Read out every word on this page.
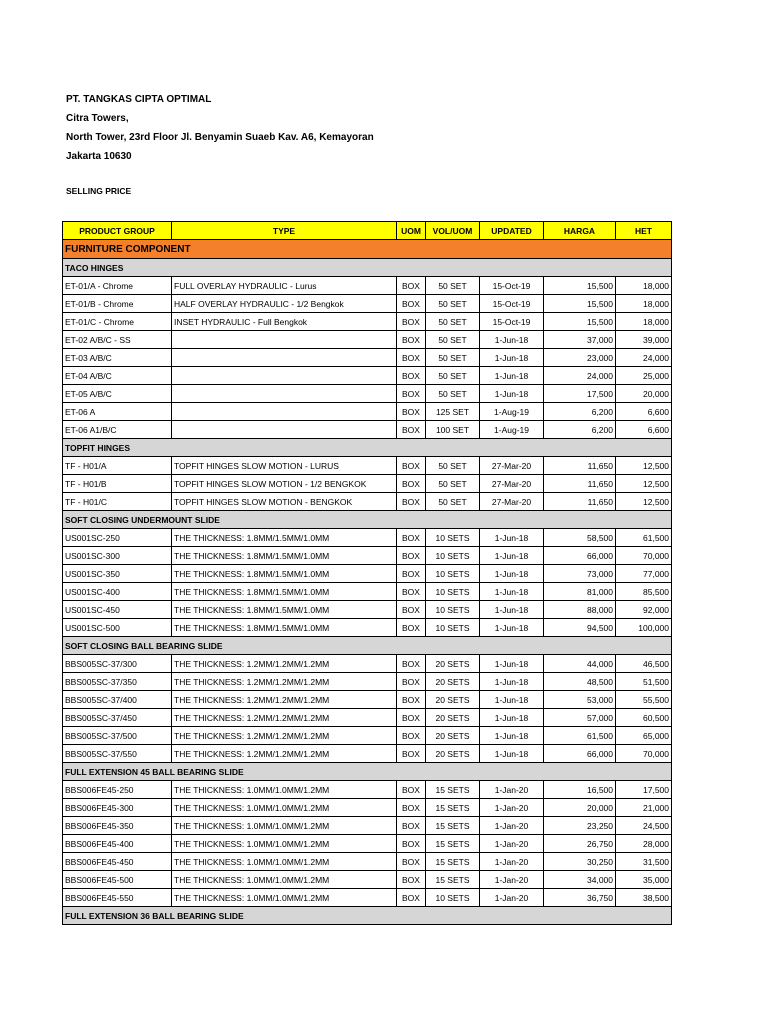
PT. TANGKAS CIPTA OPTIMAL
Citra Towers,
North Tower, 23rd Floor Jl. Benyamin Suaeb Kav. A6, Kemayoran
Jakarta 10630
SELLING PRICE
PRODUCT GROUP	TYPE	UOM	VOL/UOM	UPDATED	HARGA	HET
FURNITURE COMPONENT						
TACO HINGES						
ET-01/A - Chrome	FULL OVERLAY HYDRAULIC - Lurus	BOX	50 SET	15-Oct-19	15,500	18,000
ET-01/B - Chrome	HALF OVERLAY HYDRAULIC - 1/2 Bengkok	BOX	50 SET	15-Oct-19	15,500	18,000
ET-01/C - Chrome	INSET HYDRAULIC - Full Bengkok	BOX	50 SET	15-Oct-19	15,500	18,000
ET-02 A/B/C - SS		BOX	50 SET	1-Jun-18	37,000	39,000
ET-03 A/B/C		BOX	50 SET	1-Jun-18	23,000	24,000
ET-04 A/B/C		BOX	50 SET	1-Jun-18	24,000	25,000
ET-05 A/B/C		BOX	50 SET	1-Jun-18	17,500	20,000
ET-06 A		BOX	125 SET	1-Aug-19	6,200	6,600
ET-06 A1/B/C		BOX	100 SET	1-Aug-19	6,200	6,600
TOPFIT HINGES						
TF - H01/A	TOPFIT HINGES SLOW MOTION - LURUS	BOX	50 SET	27-Mar-20	11,650	12,500
TF - H01/B	TOPFIT HINGES SLOW MOTION - 1/2 BENGKOK	BOX	50 SET	27-Mar-20	11,650	12,500
TF - H01/C	TOPFIT HINGES SLOW MOTION - BENGKOK	BOX	50 SET	27-Mar-20	11,650	12,500
SOFT CLOSING UNDERMOUNT SLIDE						
US001SC-250	THE THICKNESS: 1.8MM/1.5MM/1.0MM	BOX	10 SETS	1-Jun-18	58,500	61,500
US001SC-300	THE THICKNESS: 1.8MM/1.5MM/1.0MM	BOX	10 SETS	1-Jun-18	66,000	70,000
US001SC-350	THE THICKNESS: 1.8MM/1.5MM/1.0MM	BOX	10 SETS	1-Jun-18	73,000	77,000
US001SC-400	THE THICKNESS: 1.8MM/1.5MM/1.0MM	BOX	10 SETS	1-Jun-18	81,000	85,500
US001SC-450	THE THICKNESS: 1.8MM/1.5MM/1.0MM	BOX	10 SETS	1-Jun-18	88,000	92,000
US001SC-500	THE THICKNESS: 1.8MM/1.5MM/1.0MM	BOX	10 SETS	1-Jun-18	94,500	100,000
SOFT CLOSING BALL BEARING SLIDE						
BBS005SC-37/300	THE THICKNESS: 1.2MM/1.2MM/1.2MM	BOX	20 SETS	1-Jun-18	44,000	46,500
BBS005SC-37/350	THE THICKNESS: 1.2MM/1.2MM/1.2MM	BOX	20 SETS	1-Jun-18	48,500	51,500
BBS005SC-37/400	THE THICKNESS: 1.2MM/1.2MM/1.2MM	BOX	20 SETS	1-Jun-18	53,000	55,500
BBS005SC-37/450	THE THICKNESS: 1.2MM/1.2MM/1.2MM	BOX	20 SETS	1-Jun-18	57,000	60,500
BBS005SC-37/500	THE THICKNESS: 1.2MM/1.2MM/1.2MM	BOX	20 SETS	1-Jun-18	61,500	65,000
BBS005SC-37/550	THE THICKNESS: 1.2MM/1.2MM/1.2MM	BOX	20 SETS	1-Jun-18	66,000	70,000
FULL EXTENSION 45 BALL BEARING SLIDE						
BBS006FE45-250	THE THICKNESS: 1.0MM/1.0MM/1.2MM	BOX	15 SETS	1-Jan-20	16,500	17,500
BBS006FE45-300	THE THICKNESS: 1.0MM/1.0MM/1.2MM	BOX	15 SETS	1-Jan-20	20,000	21,000
BBS006FE45-350	THE THICKNESS: 1.0MM/1.0MM/1.2MM	BOX	15 SETS	1-Jan-20	23,250	24,500
BBS006FE45-400	THE THICKNESS: 1.0MM/1.0MM/1.2MM	BOX	15 SETS	1-Jan-20	26,750	28,000
BBS006FE45-450	THE THICKNESS: 1.0MM/1.0MM/1.2MM	BOX	15 SETS	1-Jan-20	30,250	31,500
BBS006FE45-500	THE THICKNESS: 1.0MM/1.0MM/1.2MM	BOX	15 SETS	1-Jan-20	34,000	35,000
BBS006FE45-550	THE THICKNESS: 1.0MM/1.0MM/1.2MM	BOX	10 SETS	1-Jan-20	36,750	38,500
FULL EXTENSION 36 BALL BEARING SLIDE						
